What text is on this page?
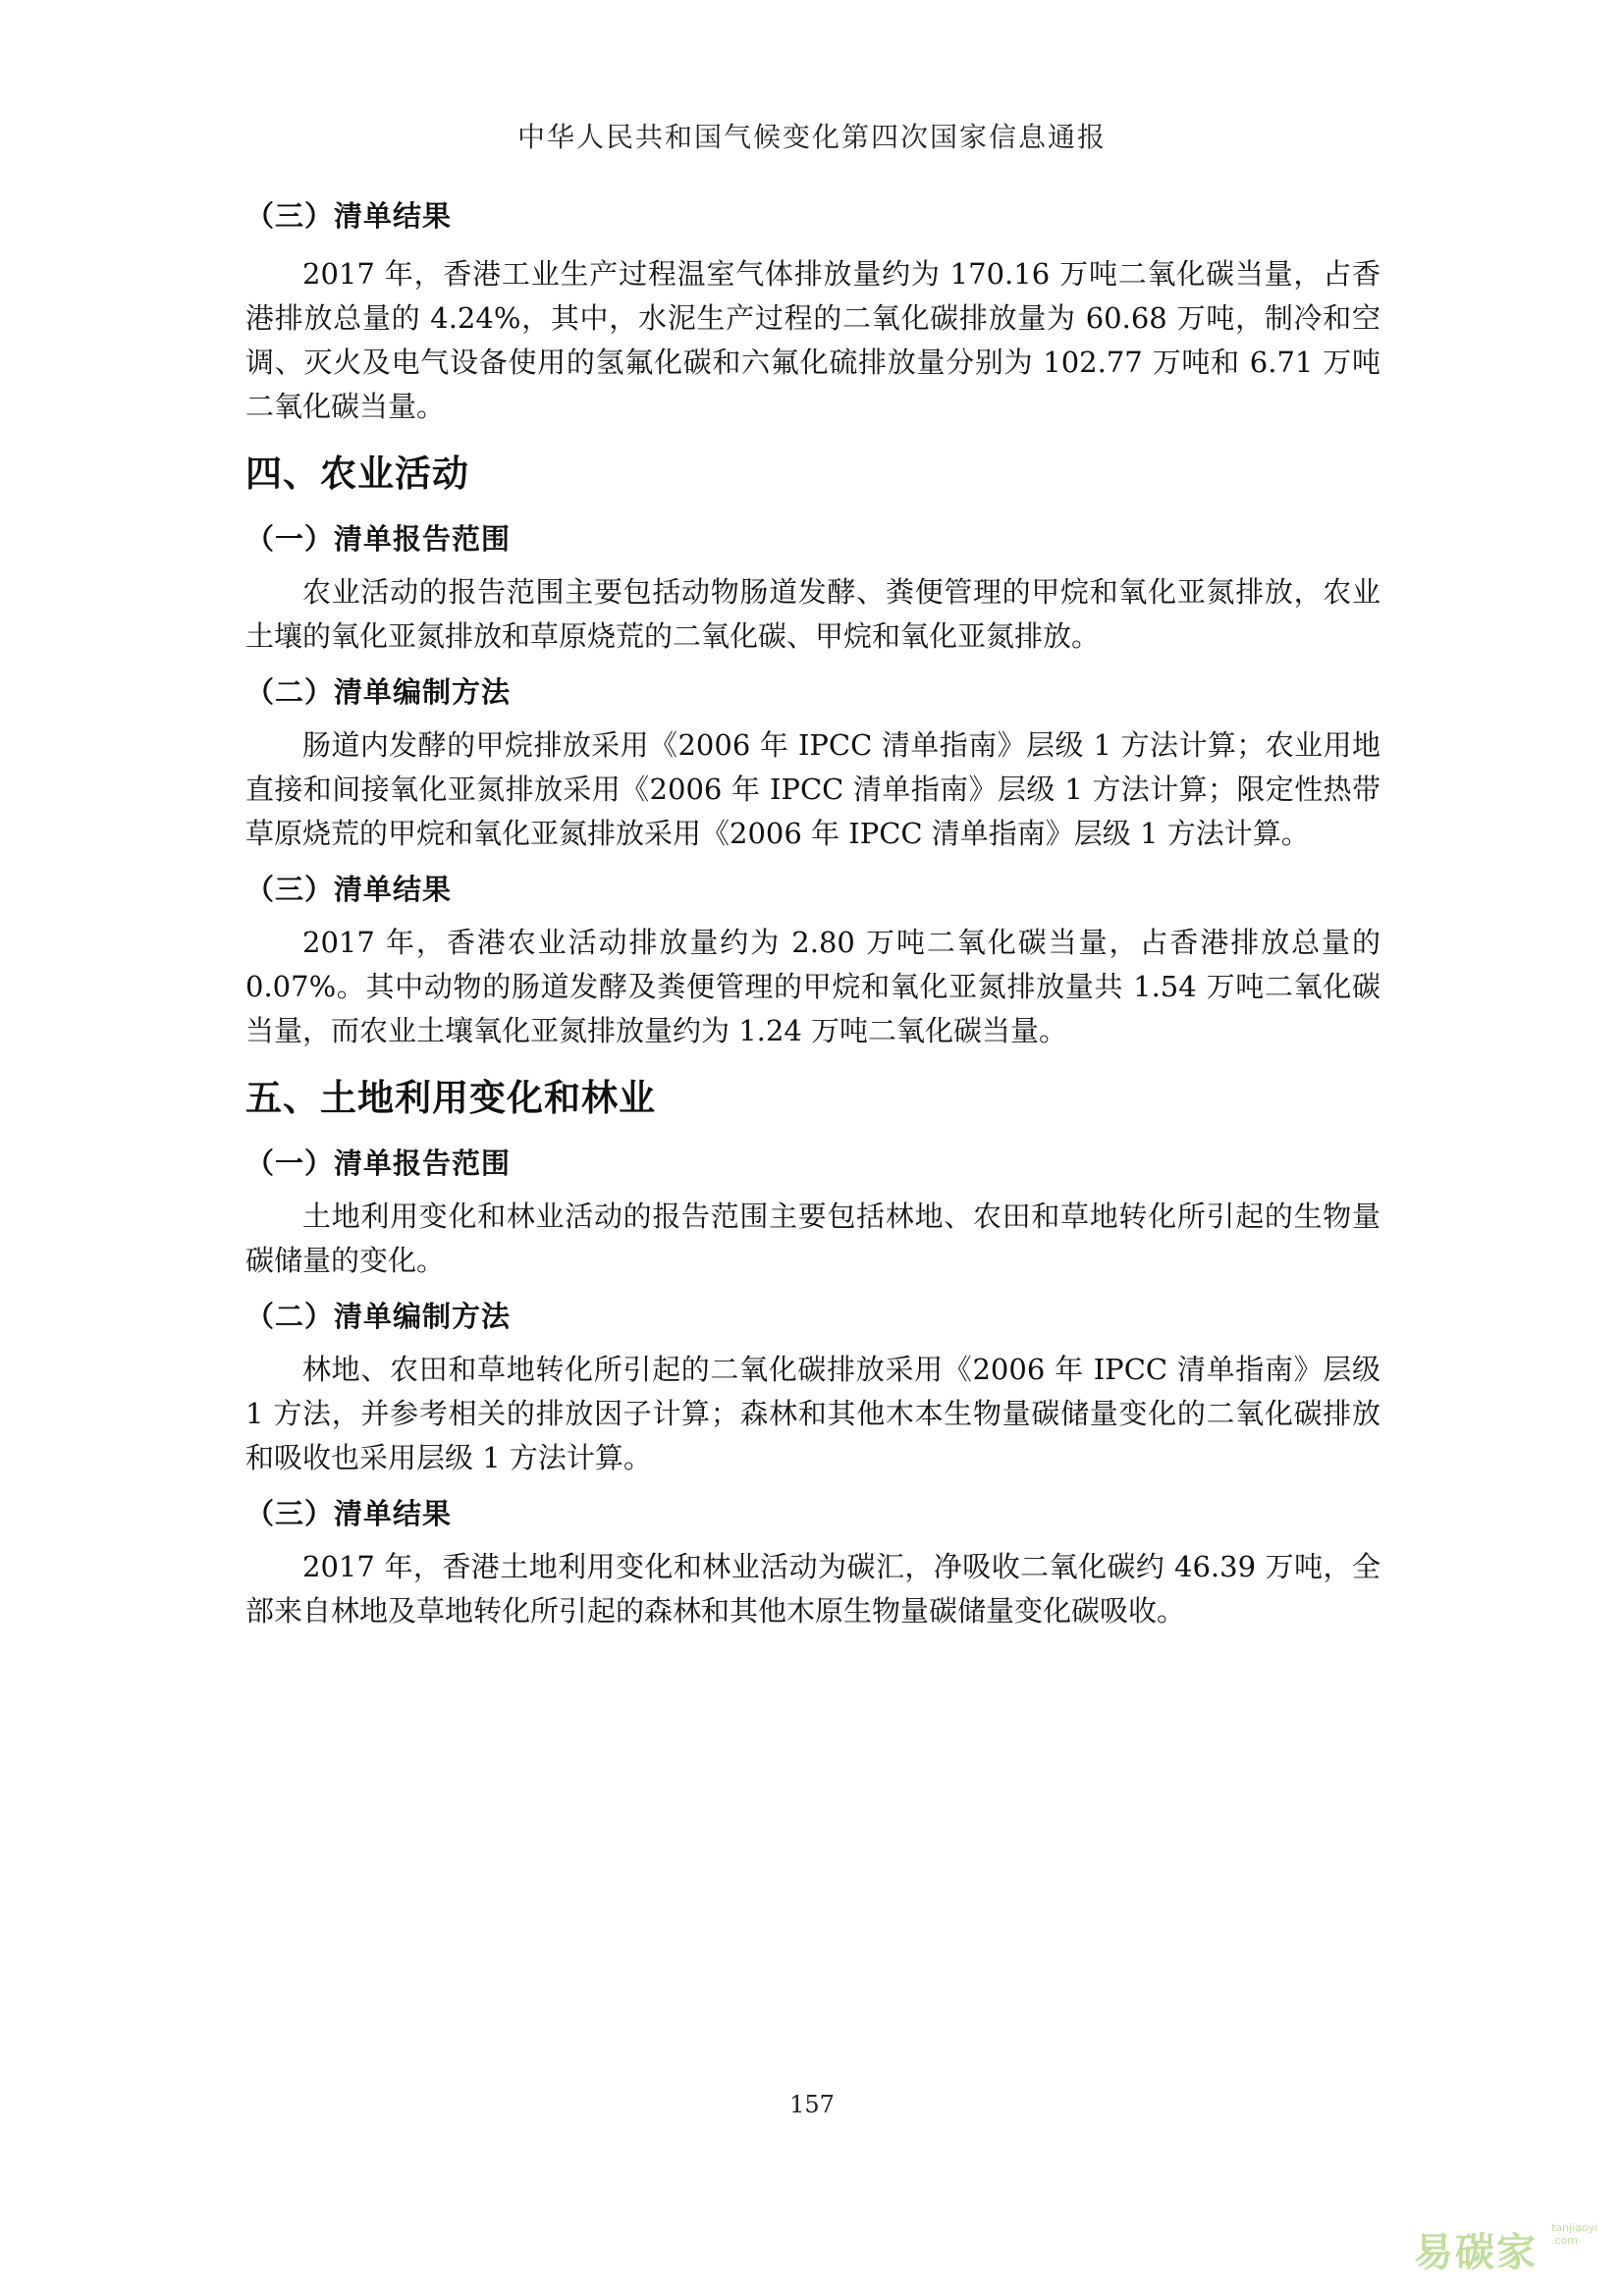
中华人民共和国气候变化第四次国家信息通报
（三）清单结果

2017 年，香港工业生产过程温室气体排放量约为 170.16 万吨二氧化碳当量，占香港排放总量的 4.24%，其中，水泥生产过程的二氧化碳排放量为 60.68 万吨，制冷和空调、灭火及电气设备使用的氢氟化碳和六氟化硫排放量分别为 102.77 万吨和 6.71 万吨二氧化碳当量。

四、农业活动
（一）清单报告范围

农业活动的报告范围主要包括动物肠道发酵、粪便管理的甲烷和氧化亚氮排放，农业土壤的氧化亚氮排放和草原烧荒的二氧化碳、甲烷和氧化亚氮排放。

（二）清单编制方法

肠道内发酵的甲烷排放采用《2006 年 IPCC 清单指南》层级 1 方法计算；农业用地直接和间接氧化亚氮排放采用《2006 年 IPCC 清单指南》层级 1 方法计算；限定性热带草原烧荒的甲烷和氧化亚氮排放采用《2006 年 IPCC 清单指南》层级 1 方法计算。

（三）清单结果

2017 年，香港农业活动排放量约为 2.80 万吨二氧化碳当量，占香港排放总量的 0.07%。其中动物的肠道发酵及粪便管理的甲烷和氧化亚氮排放量共 1.54 万吨二氧化碳当量，而农业土壤氧化亚氮排放量约为 1.24 万吨二氧化碳当量。

五、土地利用变化和林业
（一）清单报告范围

土地利用变化和林业活动的报告范围主要包括林地、农田和草地转化所引起的生物量碳储量的变化。

（二）清单编制方法

林地、农田和草地转化所引起的二氧化碳排放采用《2006 年 IPCC 清单指南》层级 1 方法，并参考相关的排放因子计算；森林和其他木本生物量碳储量变化的二氧化碳排放和吸收也采用层级 1 方法计算。

（三）清单结果

2017 年，香港土地利用变化和林业活动为碳汇，净吸收二氧化碳约 46.39 万吨，全部来自林地及草地转化所引起的森林和其他木原生物量碳储量变化碳吸收。

157
易碳家
tanjiaoyi .com
